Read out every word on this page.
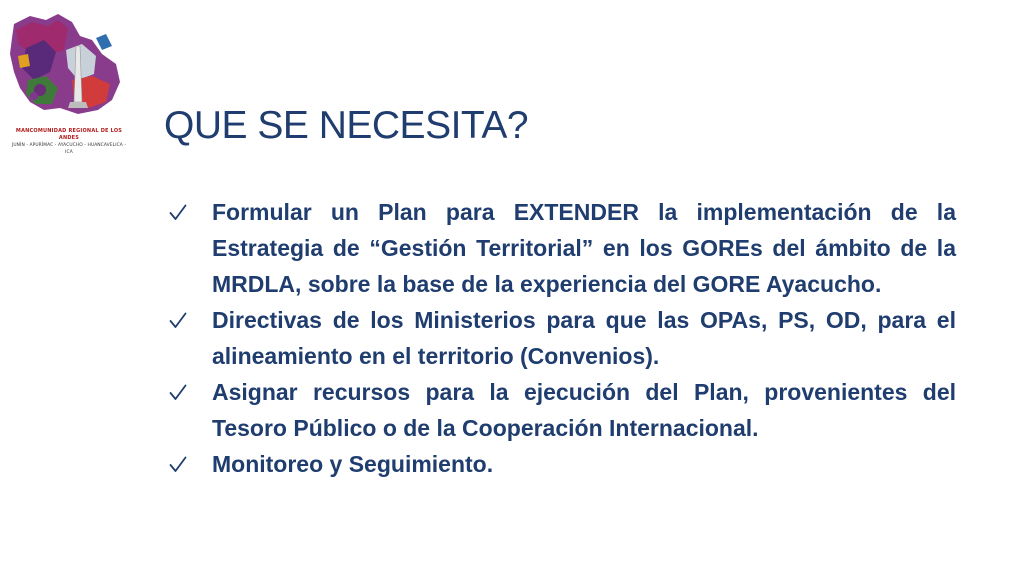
MANCOMUNIDAD REGIONAL DE LOS ANDES
JUNÍN - APURÍMAC - AYACUCHO - HUANCAVELICA - ICA
QUE SE NECESITA?
Formular un Plan para EXTENDER la implementación de la Estrategia de “Gestión Territorial” en los GOREs del ámbito de la MRDLA, sobre la base de la experiencia del GORE Ayacucho.
Directivas de los Ministerios para que las OPAs, PS, OD, para el alineamiento en el territorio (Convenios).
Asignar recursos para la ejecución del Plan, provenientes del Tesoro Público o de la Cooperación Internacional.
Monitoreo y Seguimiento.
